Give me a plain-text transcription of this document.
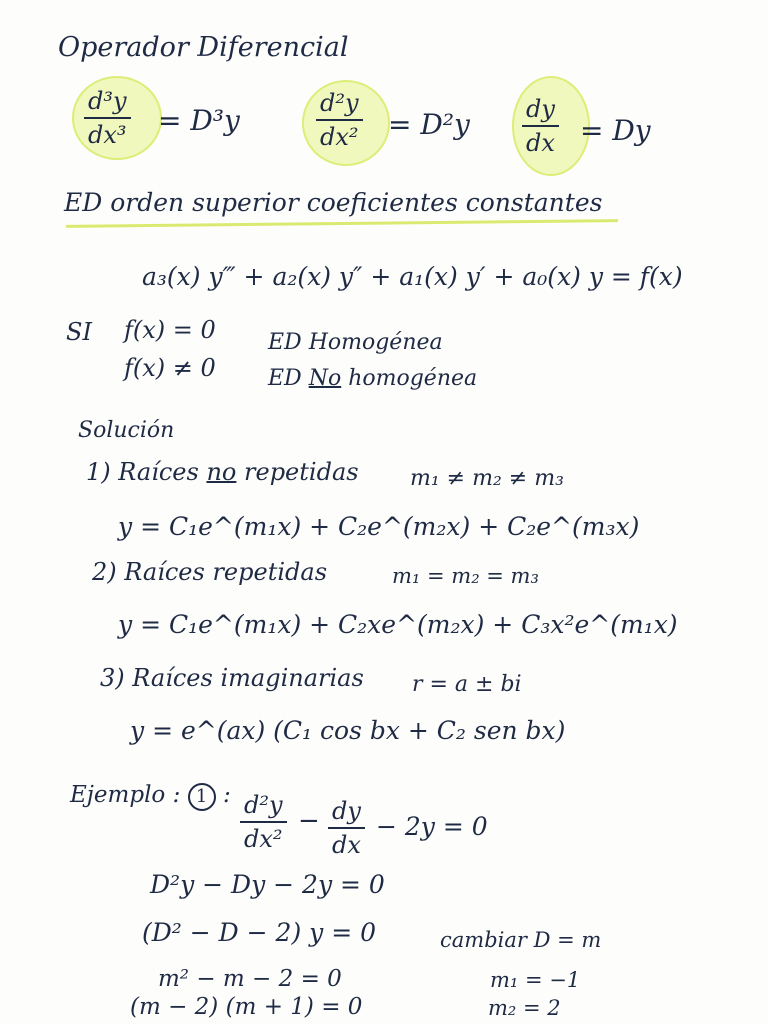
Operador Diferencial
d³y
dx³ = D³y
d²y
dx² = D²y dy
dx = Dy
ED orden superior coeficientes constantes
a₃(x) y‴ + a₂(x) y″ + a₁(x) y′ + a₀(x) y = f(x)
SI f(x) = 0 ED Homogénea
f(x) ≠ 0 ED No homogénea
Solución
1) Raíces no repetidas m₁ ≠ m₂ ≠ m₃
y = C₁e^(m₁x) + C₂e^(m₂x) + C₂e^(m₃x)
2) Raíces repetidas	m₁ = m₂ = m₃
y = C₁e^(m₁x) + C₂xe^(m₂x) + C₃x²e^(m₁x)
3) Raíces imaginarias r = a ± bi
y = e^(ax) (C₁ cos bx + C₂ sen bx)
Ejemplo : 1 : d²y
dx²
− dy
dx
− 2y = 0
D²y − Dy − 2y = 0
(D² − D − 2) y = 0	cambiar D = m
m² − m − 2 = 0	m₁ = −1
(m − 2) (m + 1) = 0	m₂ = 2
